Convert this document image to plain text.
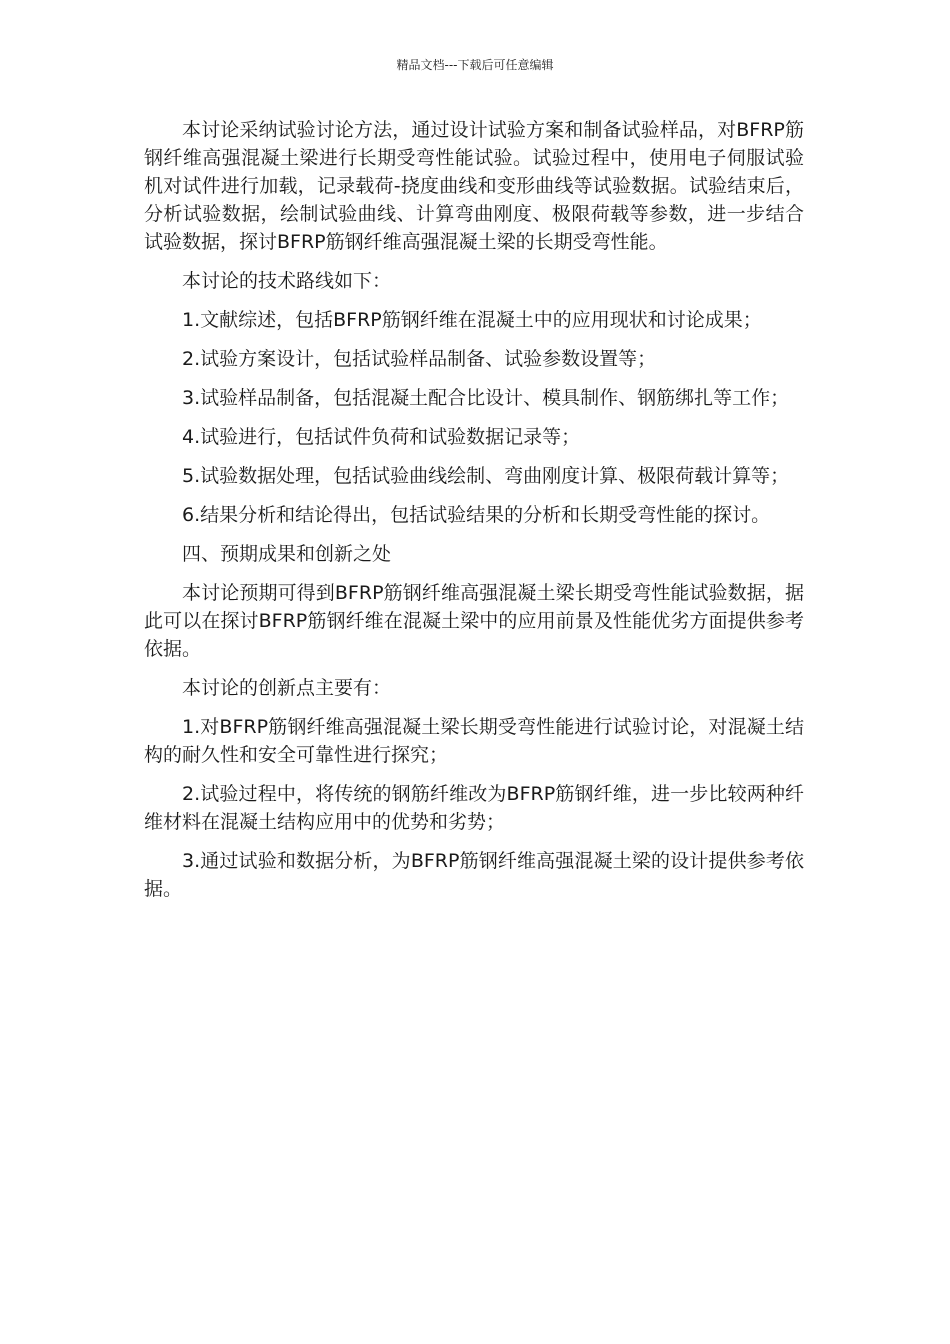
精品文档---下载后可任意编辑

本讨论采纳试验讨论方法，通过设计试验方案和制备试验样品，对BFRP筋钢纤维高强混凝土梁进行长期受弯性能试验。试验过程中，使用电子伺服试验机对试件进行加载，记录载荷-挠度曲线和变形曲线等试验数据。试验结束后，分析试验数据，绘制试验曲线、计算弯曲刚度、极限荷载等参数，进一步结合试验数据，探讨BFRP筋钢纤维高强混凝土梁的长期受弯性能。

本讨论的技术路线如下：

1.文献综述，包括BFRP筋钢纤维在混凝土中的应用现状和讨论成果；

2.试验方案设计，包括试验样品制备、试验参数设置等；

3.试验样品制备，包括混凝土配合比设计、模具制作、钢筋绑扎等工作；

4.试验进行，包括试件负荷和试验数据记录等；

5.试验数据处理，包括试验曲线绘制、弯曲刚度计算、极限荷载计算等；

6.结果分析和结论得出，包括试验结果的分析和长期受弯性能的探讨。

四、预期成果和创新之处

本讨论预期可得到BFRP筋钢纤维高强混凝土梁长期受弯性能试验数据，据此可以在探讨BFRP筋钢纤维在混凝土梁中的应用前景及性能优劣方面提供参考依据。

本讨论的创新点主要有：

1.对BFRP筋钢纤维高强混凝土梁长期受弯性能进行试验讨论，对混凝土结构的耐久性和安全可靠性进行探究；

2.试验过程中，将传统的钢筋纤维改为BFRP筋钢纤维，进一步比较两种纤维材料在混凝土结构应用中的优势和劣势；

3.通过试验和数据分析，为BFRP筋钢纤维高强混凝土梁的设计提供参考依据。
